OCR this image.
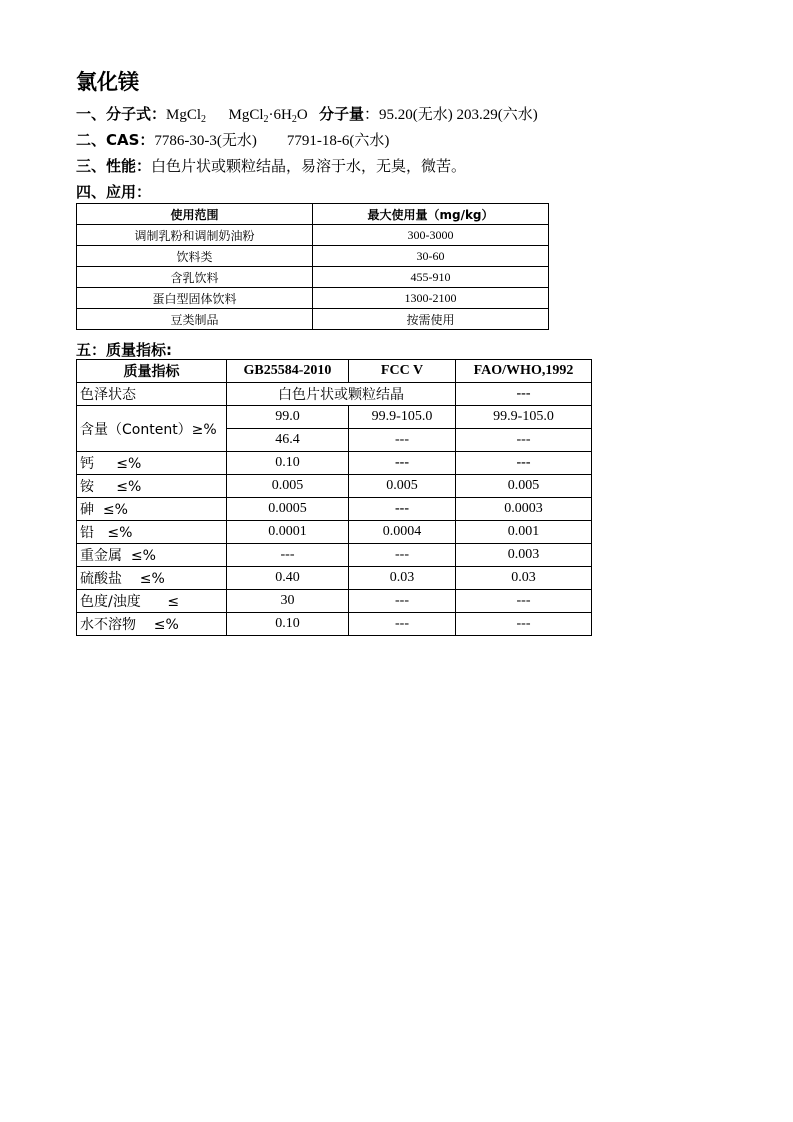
氯化镁
一、分子式：MgCl$_2$ $MgCl_2\cdot 6H_2O$ 分子量：95.20(无水) 203.29(六水)
二、CAS：7786-30-3(无水)        7791-18-6(六水)
三、性能：白色片状或颗粒结晶，易溶于水，无臭，微苦。
四、应用：
使用范围	最大使用量（mg/kg）
调制乳粉和调制奶油粉	300-3000
饮料类	30-60
含乳饮料	455-910
蛋白型固体饮料	1300-2100
豆类制品	按需使用
五：质量指标:
质量指标	GB25584-2010	FCC V	FAO/WHO,1992
色泽状态	白色片状或颗粒结晶		---
含量（Content）≥%	99.0	99.9-105.0	99.9-105.0
	46.4	---	---
钙     ≤%	0.10	---	---
铵     ≤%	0.005	0.005	0.005
砷  ≤%	0.0005	---	0.0003
铅   ≤%	0.0001	0.0004	0.001
重金属  ≤%	---	---	0.003
硫酸盐    ≤%	0.40	0.03	0.03
色度/浊度      ≤	30	---	---
水不溶物    ≤%	0.10	---	---
